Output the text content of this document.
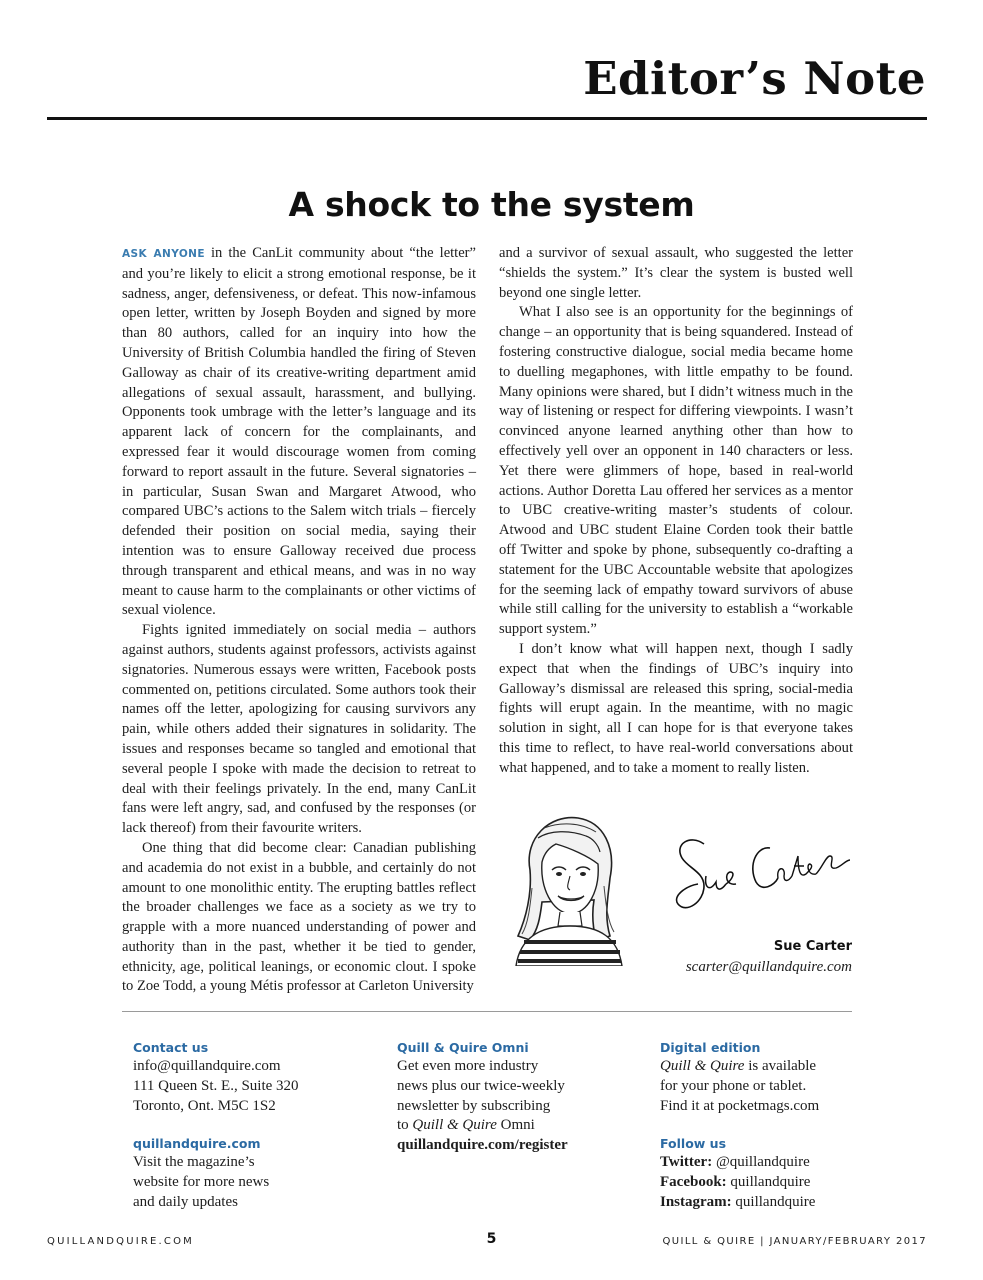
Editor’s Note
A shock to the system

ASK ANYONE in the CanLit community about “the letter” and you’re likely to elicit a strong emotional response, be it sadness, anger, defensiveness, or defeat. This now-infamous open letter, written by Joseph Boyden and signed by more than 80 authors, called for an inquiry into how the University of British Columbia handled the firing of Steven Galloway as chair of its creative-writing department amid allegations of sexual assault, harassment, and bullying. Opponents took umbrage with the letter’s language and its apparent lack of concern for the complainants, and expressed fear it would discourage women from coming forward to report assault in the future. Several signatories – in particular, Susan Swan and Margaret Atwood, who compared UBC’s actions to the Salem witch trials – fiercely defended their position on social media, saying their intention was to ensure Galloway received due process through transparent and ethical means, and was in no way meant to cause harm to the complainants or other victims of sexual violence.

Fights ignited immediately on social media – authors against authors, students against professors, activists against signatories. Numerous essays were written, Facebook posts commented on, petitions circulated. Some authors took their names off the letter, apologizing for causing survivors any pain, while others added their signatures in solidarity. The issues and responses became so tangled and emotional that several people I spoke with made the decision to retreat to deal with their feelings privately. In the end, many CanLit fans were left angry, sad, and confused by the responses (or lack thereof) from their favourite writers.

One thing that did become clear: Canadian publishing and academia do not exist in a bubble, and certainly do not amount to one monolithic entity. The erupting battles reflect the broader challenges we face as a society as we try to grapple with a more nuanced understanding of power and authority than in the past, whether it be tied to gender, ethnicity, age, political leanings, or economic clout. I spoke to Zoe Todd, a young Métis professor at Carleton University

and a survivor of sexual assault, who suggested the letter “shields the system.” It’s clear the system is busted well beyond one single letter.

What I also see is an opportunity for the beginnings of change – an opportunity that is being squandered. Instead of fostering constructive dialogue, social media became home to duelling megaphones, with little empathy to be found. Many opinions were shared, but I didn’t witness much in the way of listening or respect for differing viewpoints. I wasn’t convinced anyone learned anything other than how to effectively yell over an opponent in 140 characters or less. Yet there were glimmers of hope, based in real-world actions. Author Doretta Lau offered her services as a mentor to UBC creative-writing master’s students of colour. Atwood and UBC student Elaine Corden took their battle off Twitter and spoke by phone, subsequently co-drafting a statement for the UBC Accountable website that apologizes for the seeming lack of empathy toward survivors of abuse while still calling for the university to establish a “workable support system.”

I don’t know what will happen next, though I sadly expect that when the findings of UBC’s inquiry into Galloway’s dismissal are released this spring, social-media fights will erupt again. In the meantime, with no magic solution in sight, all I can hope for is that everyone takes this time to reflect, to have real-world conversations about what happened, and to take a moment to really listen.

Sue Carter
scarter@quillandquire.com
Contact us
info@quillandquire.com
111 Queen St. E., Suite 320
Toronto, Ont. M5C 1S2
quillandquire.com
Visit the magazine’s
website for more news
and daily updates
Quill & Quire Omni
Get even more industry
news plus our twice-weekly
newsletter by subscribing
to Quill & Quire Omni
quillandquire.com/register
Digital edition
Quill & Quire is available
for your phone or tablet.
Find it at pocketmags.com
Follow us
Twitter: @quillandquire
Facebook: quillandquire
Instagram: quillandquire
QUILLANDQUIRE.COM	5	QUILL & QUIRE | JANUARY/FEBRUARY 2017
